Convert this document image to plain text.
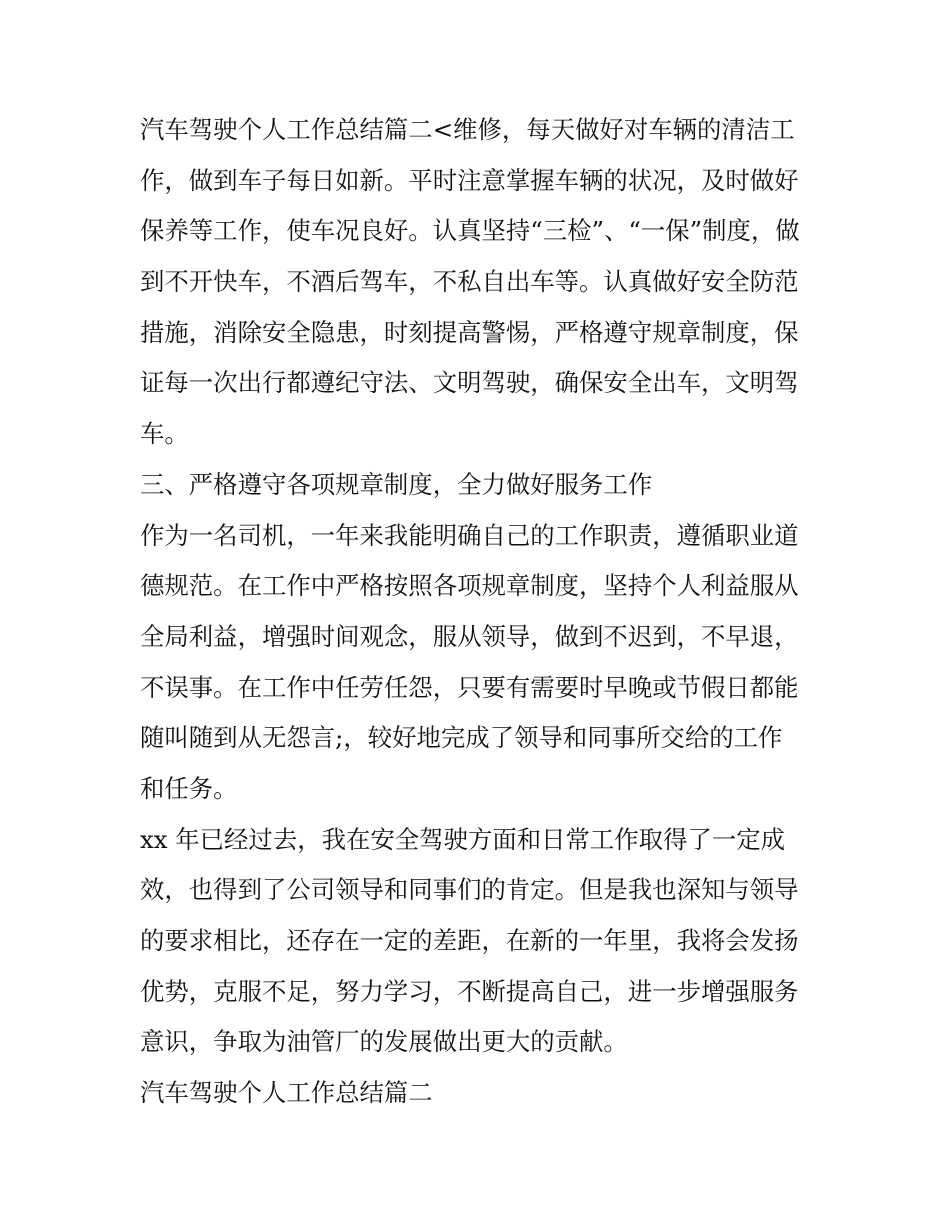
汽车驾驶个人工作总结篇二<维修，每天做好对车辆的清洁工
作，做到车子每日如新。平时注意掌握车辆的状况，及时做好
保养等工作，使车况良好。认真坚持“三检”、“一保”制度，做
到不开快车，不酒后驾车，不私自出车等。认真做好安全防范
措施，消除安全隐患，时刻提高警惕，严格遵守规章制度，保
证每一次出行都遵纪守法、文明驾驶，确保安全出车，文明驾
车。
三、严格遵守各项规章制度，全力做好服务工作
作为一名司机，一年来我能明确自己的工作职责，遵循职业道
德规范。在工作中严格按照各项规章制度，坚持个人利益服从
全局利益，增强时间观念，服从领导，做到不迟到，不早退，
不误事。在工作中任劳任怨，只要有需要时早晚或节假日都能
随叫随到从无怨言;，较好地完成了领导和同事所交给的工作
和任务。
xx 年已经过去，我在安全驾驶方面和日常工作取得了一定成
效，也得到了公司领导和同事们的肯定。但是我也深知与领导
的要求相比，还存在一定的差距，在新的一年里，我将会发扬
优势，克服不足，努力学习，不断提高自己，进一步增强服务
意识，争取为油管厂的发展做出更大的贡献。
汽车驾驶个人工作总结篇二
